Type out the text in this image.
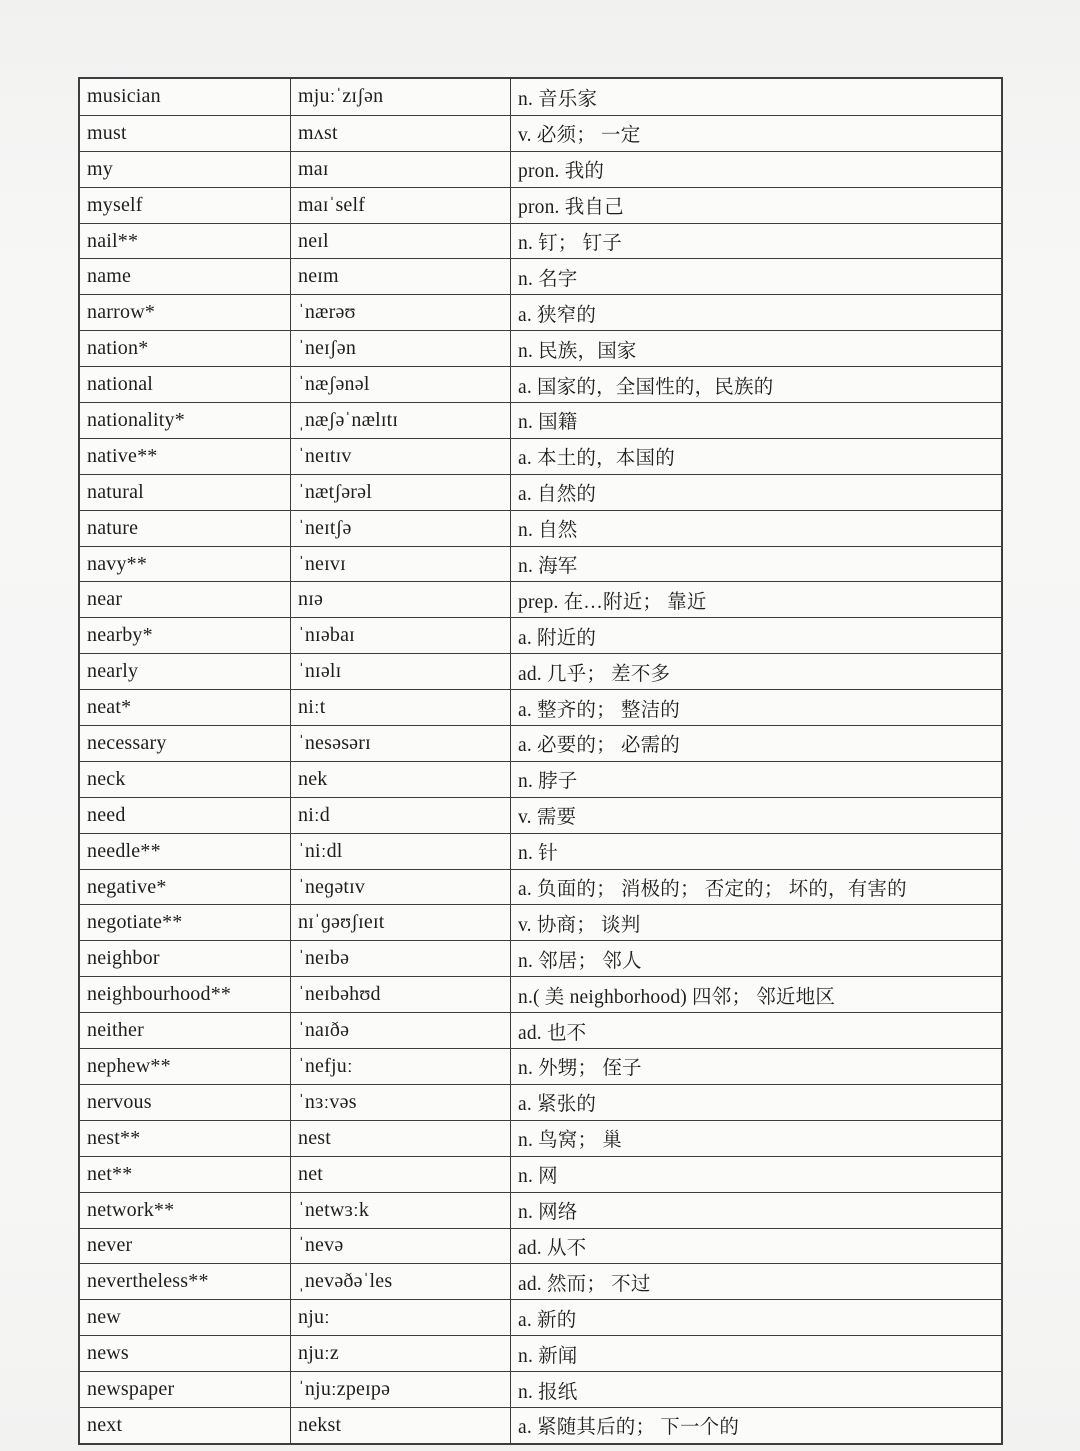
musician	mjuːˈzɪʃən	n. 音乐家
must	mʌst	v. 必须； 一定
my	maɪ	pron. 我的
myself	maɪˈself	pron. 我自己
nail**	neɪl	n. 钉； 钉子
name	neɪm	n. 名字
narrow*	ˈnærəʊ	a. 狭窄的
nation*	ˈneɪʃən	n. 民族，国家
national	ˈnæʃənəl	a. 国家的，全国性的，民族的
nationality*	ˌnæʃəˈnælɪtɪ	n. 国籍
native**	ˈneɪtɪv	a. 本土的，本国的
natural	ˈnætʃərəl	a. 自然的
nature	ˈneɪtʃə	n. 自然
navy**	ˈneɪvɪ	n. 海军
near	nɪə	prep. 在…附近； 靠近
nearby*	ˈnɪəbaɪ	a. 附近的
nearly	ˈnɪəlɪ	ad. 几乎； 差不多
neat*	niːt	a. 整齐的； 整洁的
necessary	ˈnesəsərɪ	a. 必要的； 必需的
neck	nek	n. 脖子
need	niːd	v. 需要
needle**	ˈniːdl	n. 针
negative*	ˈneɡətɪv	a. 负面的； 消极的； 否定的； 坏的，有害的
negotiate**	nɪˈɡəʊʃɪeɪt	v. 协商； 谈判
neighbor	ˈneɪbə	n. 邻居； 邻人
neighbourhood**	ˈneɪbəhʊd	n.( 美 neighborhood) 四邻； 邻近地区
neither	ˈnaɪðə	ad. 也不
nephew**	ˈnefjuː	n. 外甥； 侄子
nervous	ˈnɜːvəs	a. 紧张的
nest**	nest	n. 鸟窝； 巢
net**	net	n. 网
network**	ˈnetwɜːk	n. 网络
never	ˈnevə	ad. 从不
nevertheless**	ˌnevəðəˈles	ad. 然而； 不过
new	njuː	a. 新的
news	njuːz	n. 新闻
newspaper	ˈnjuːzpeɪpə	n. 报纸
next	nekst	a. 紧随其后的； 下一个的
